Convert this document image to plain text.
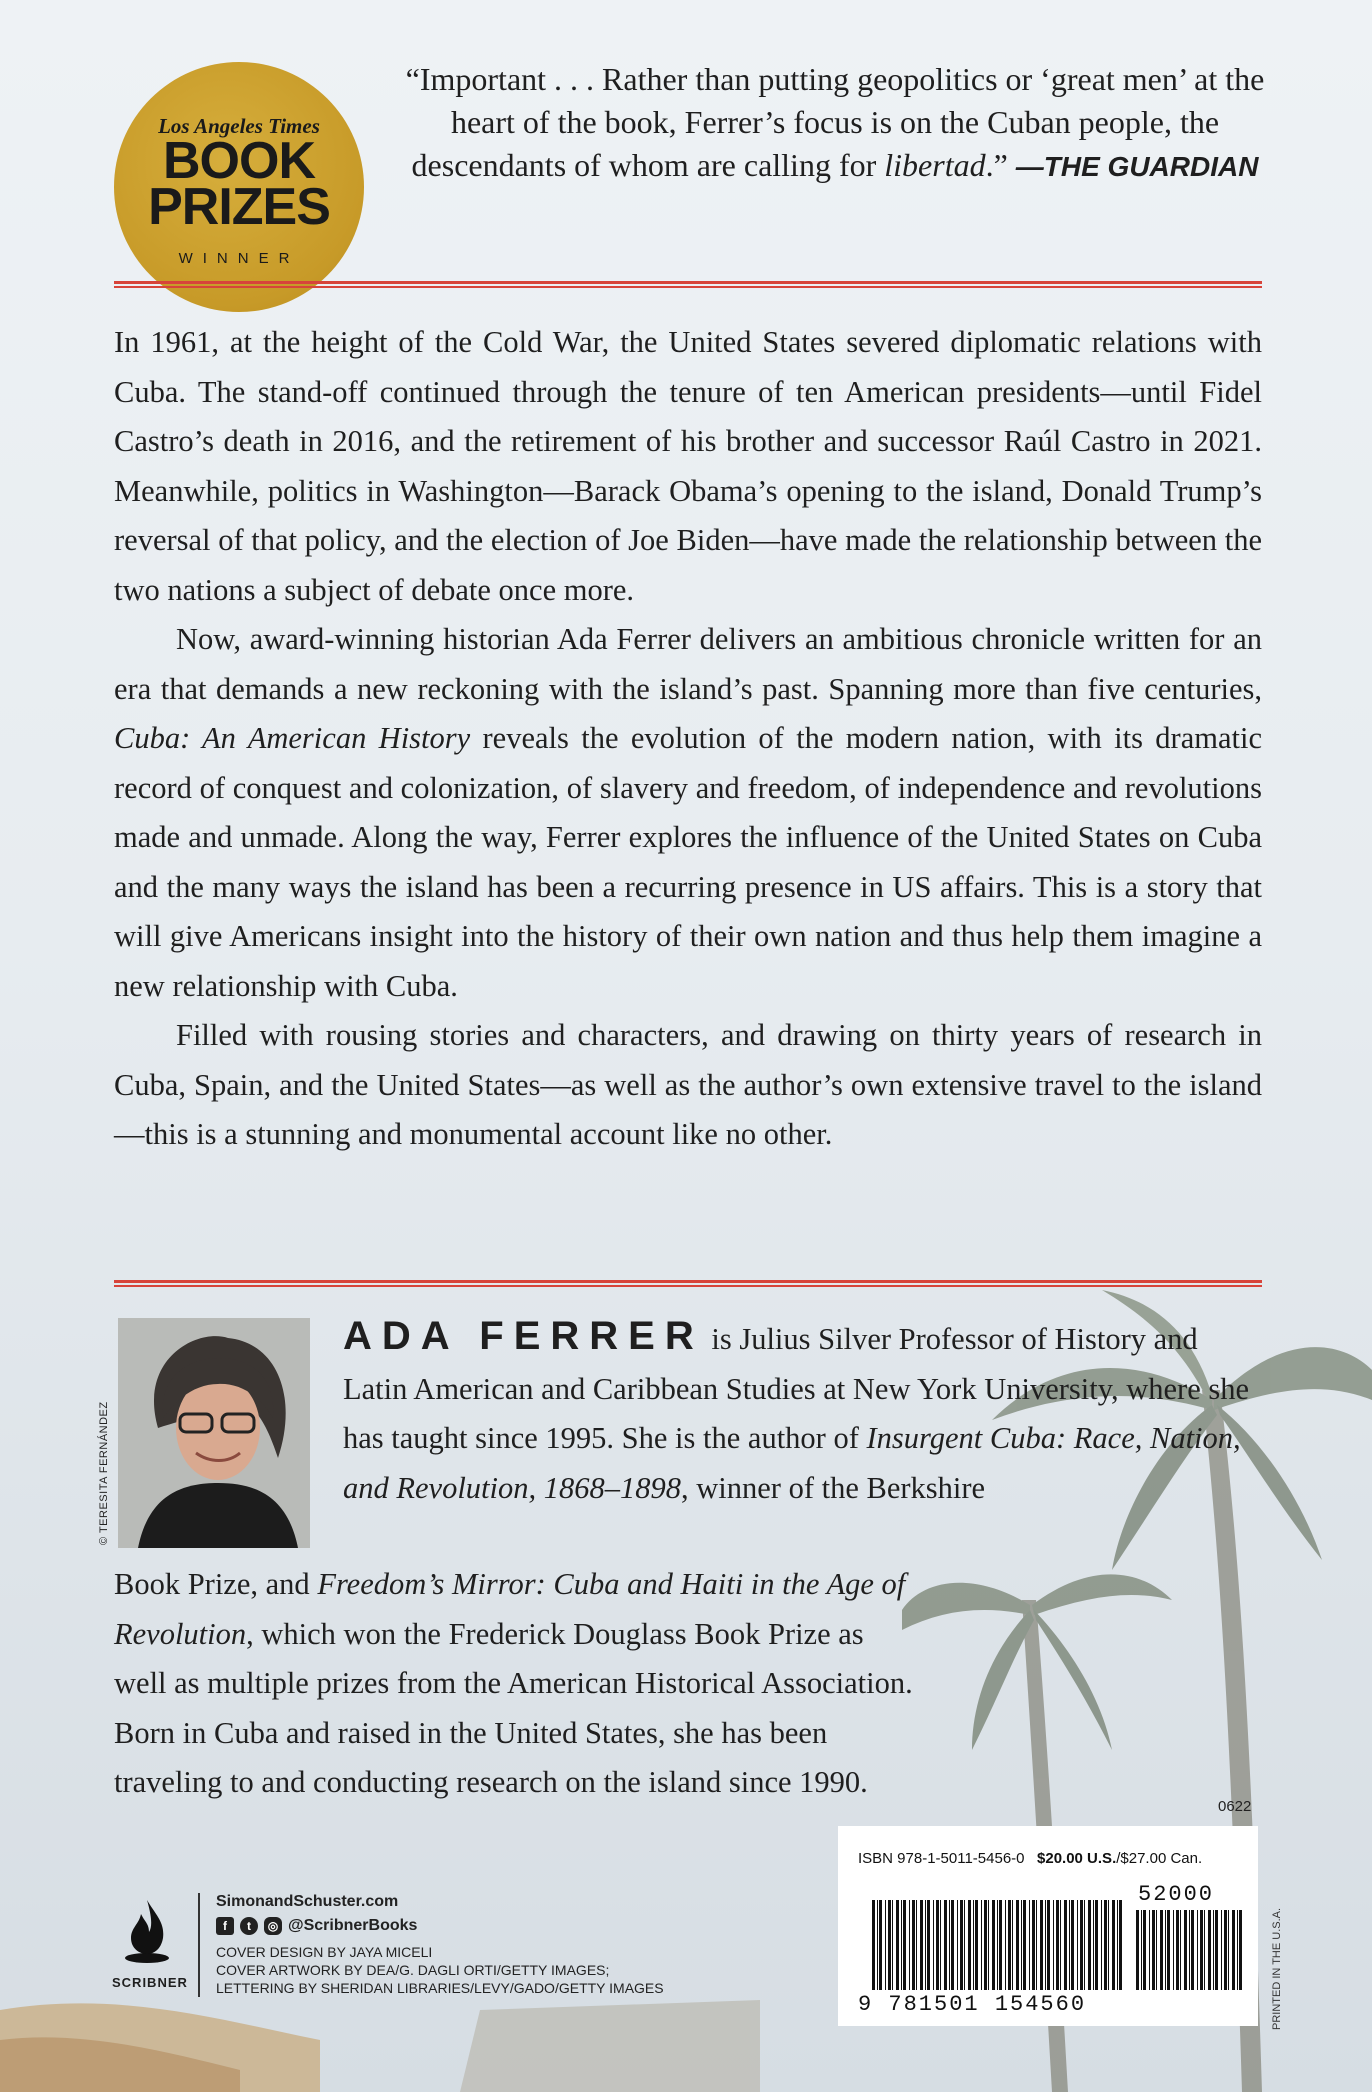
Los Angeles Times
BOOK
PRIZES
WINNER
“Important . . . Rather than putting geopolitics or ‘great men’ at the heart of the book, Ferrer’s focus is on the Cuban people, the descendants of whom are calling for libertad.” —THE GUARDIAN

In 1961, at the height of the Cold War, the United States severed diplomatic relations with Cuba. The stand-off continued through the tenure of ten American presidents—until Fidel Castro’s death in 2016, and the retirement of his brother and successor Raúl Castro in 2021. Meanwhile, politics in Washington—Barack Obama’s opening to the island, Donald Trump’s reversal of that policy, and the election of Joe Biden—have made the relationship between the two nations a subject of debate once more.

Now, award-winning historian Ada Ferrer delivers an ambitious chronicle written for an era that demands a new reckoning with the island’s past. Spanning more than five centuries, Cuba: An American History reveals the evolution of the modern nation, with its dramatic record of conquest and colonization, of slavery and freedom, of independence and revolutions made and unmade. Along the way, Ferrer explores the influence of the United States on Cuba and the many ways the island has been a recurring presence in US affairs. This is a story that will give Americans insight into the history of their own nation and thus help them imagine a new relationship with Cuba.

Filled with rousing stories and characters, and drawing on thirty years of research in Cuba, Spain, and the United States—as well as the author’s own extensive travel to the island—this is a stunning and monumental account like no other.

© TERESITA FERNÁNDEZ

ADA FERRER is Julius Silver Professor of History and Latin American and Caribbean Studies at New York University, where she has taught since 1995. She is the author of Insurgent Cuba: Race, Nation, and Revolution, 1868–1898, winner of the Berkshire

Book Prize, and Freedom’s Mirror: Cuba and Haiti in the Age of Revolution, which won the Frederick Douglass Book Prize as well as multiple prizes from the American Historical Association. Born in Cuba and raised in the United States, she has been traveling to and conducting research on the island since 1990.

SCRIBNER
SimonandSchuster.com
f	t	◎ @ScribnerBooks
COVER DESIGN BY JAYA MICELI
COVER ARTWORK BY DEA/G. DAGLI ORTI/GETTY IMAGES;
LETTERING BY SHERIDAN LIBRARIES/LEVY/GADO/GETTY IMAGES
0622
ISBN 978-1-5011-5456-0 $20.00 U.S./$27.00 Can.
52000
9 781501 154560	PRINTED IN THE U.S.A.
